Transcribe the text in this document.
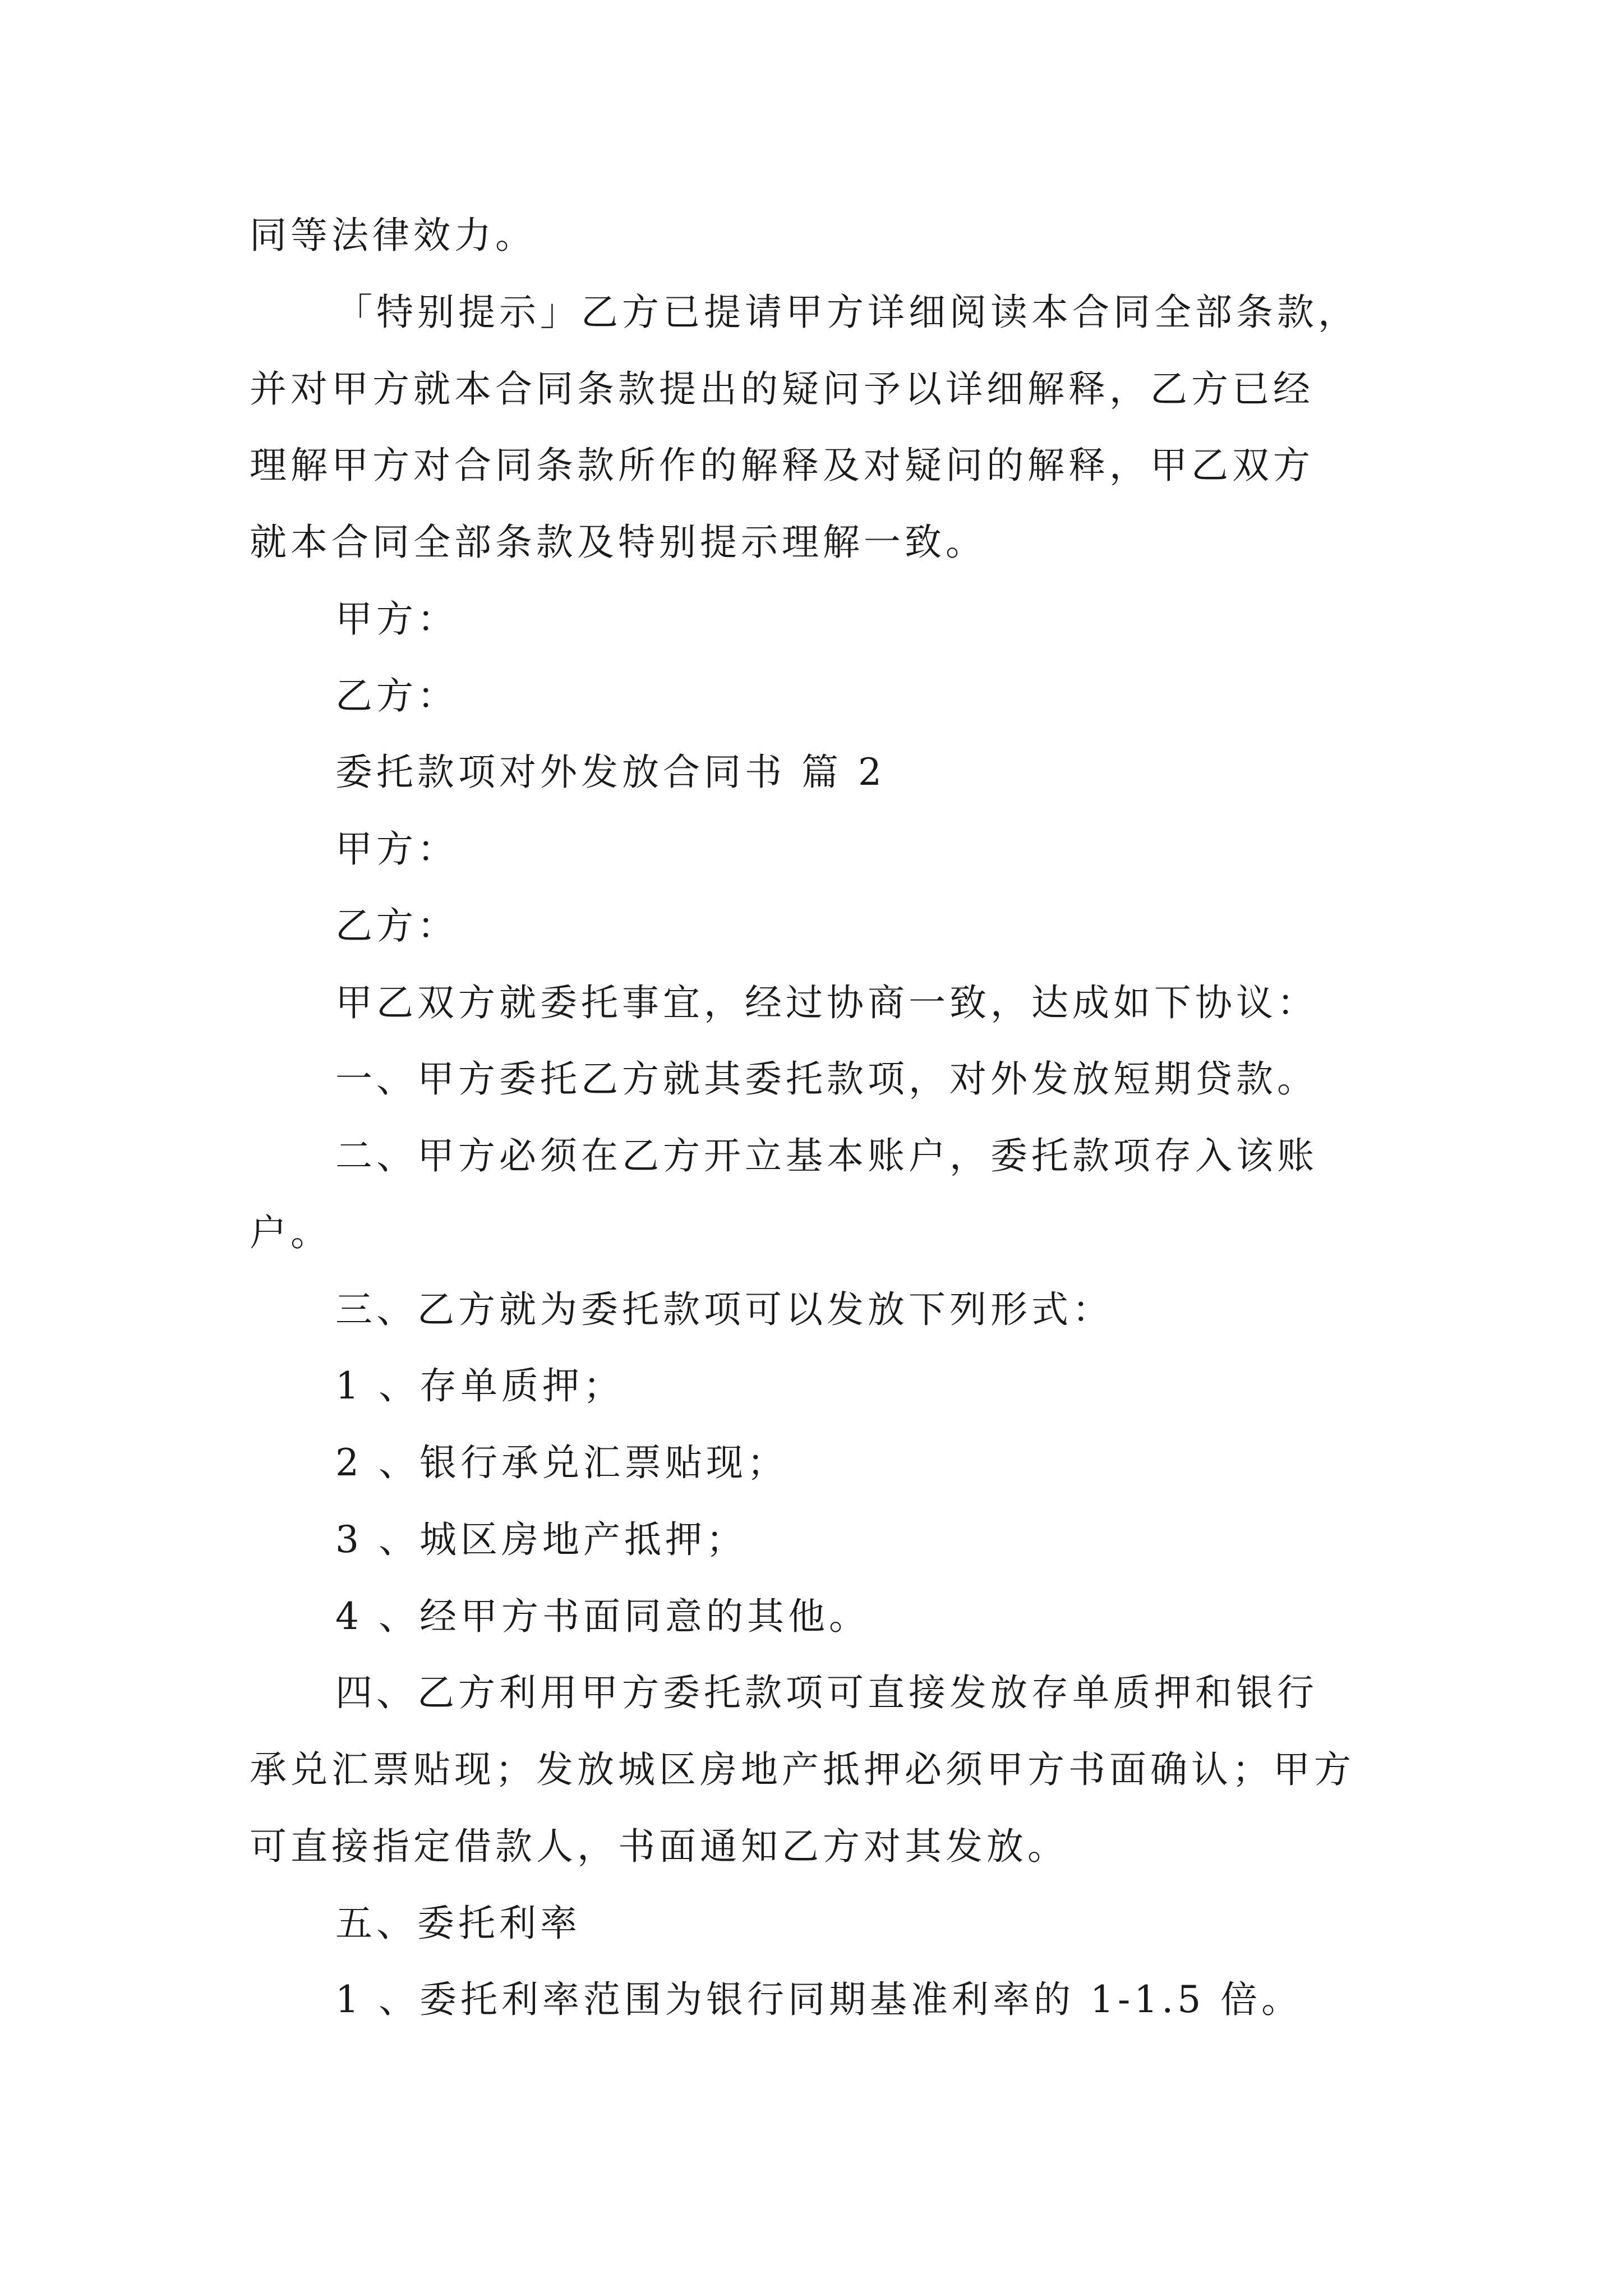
同等法律效力。
「特别提示」乙方已提请甲方详细阅读本合同全部条款，
并对甲方就本合同条款提出的疑问予以详细解释，乙方已经
理解甲方对合同条款所作的解释及对疑问的解释，甲乙双方
就本合同全部条款及特别提示理解一致。
甲方：
乙方：
委托款项对外发放合同书 篇 2
甲方：
乙方：
甲乙双方就委托事宜，经过协商一致，达成如下协议：
一、甲方委托乙方就其委托款项，对外发放短期贷款。
二、甲方必须在乙方开立基本账户，委托款项存入该账
户。
三、乙方就为委托款项可以发放下列形式：
1 、存单质押；
2 、银行承兑汇票贴现；
3 、城区房地产抵押；
4 、经甲方书面同意的其他。
四、乙方利用甲方委托款项可直接发放存单质押和银行
承兑汇票贴现；发放城区房地产抵押必须甲方书面确认；甲方
可直接指定借款人，书面通知乙方对其发放。
五、委托利率
1 、委托利率范围为银行同期基准利率的 1-1.5 倍。
